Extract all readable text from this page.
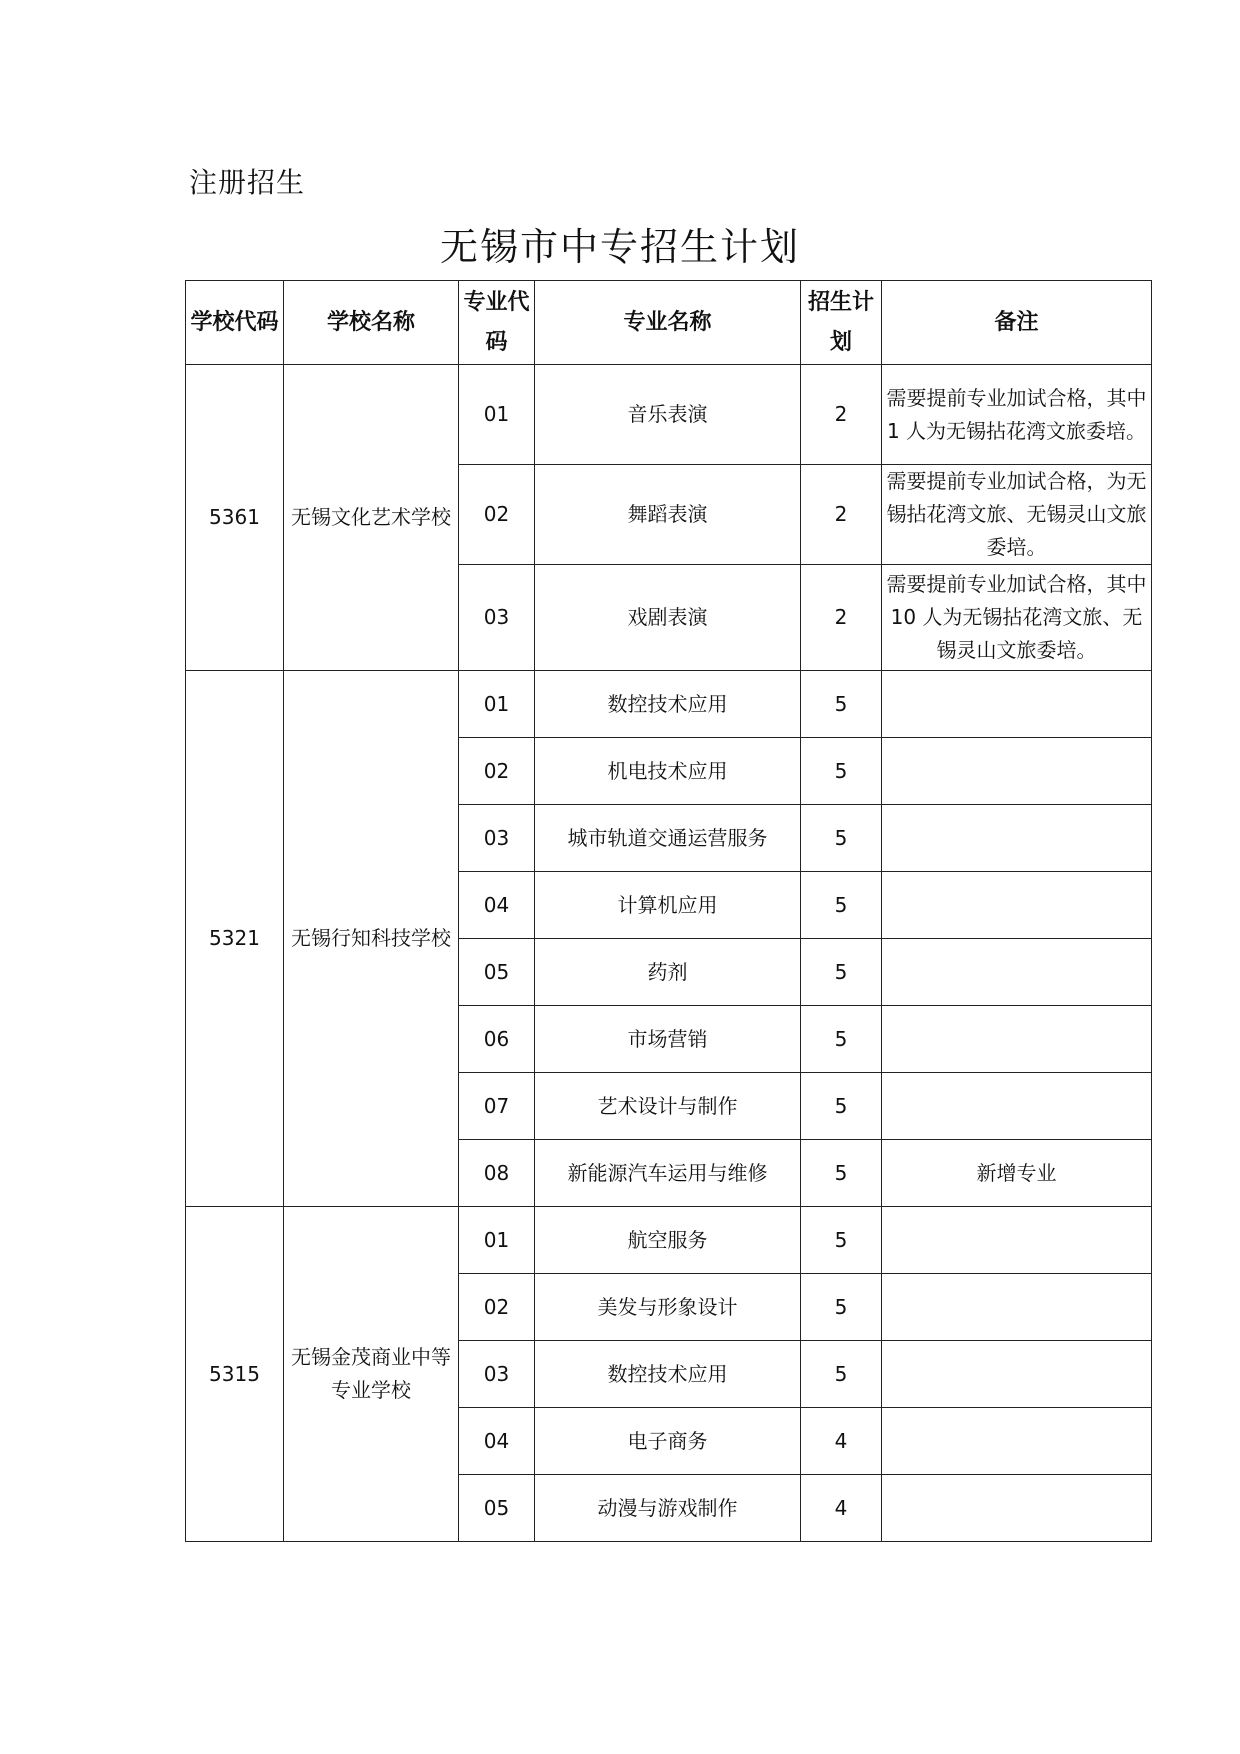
注册招生
无锡市中专招生计划
学校代码	学校名称	专业代码	专业名称	招生计划	备注
5361	无锡文化艺术学校	01	音乐表演	2	需要提前专业加试合格，其中 1 人为无锡拈花湾文旅委培。
		02	舞蹈表演	2	需要提前专业加试合格，为无锡拈花湾文旅、无锡灵山文旅委培。
		03	戏剧表演	2	需要提前专业加试合格，其中 10 人为无锡拈花湾文旅、无锡灵山文旅委培。
5321	无锡行知科技学校	01	数控技术应用	5	
		02	机电技术应用	5	
		03	城市轨道交通运营服务	5	
		04	计算机应用	5	
		05	药剂	5	
		06	市场营销	5	
		07	艺术设计与制作	5	
		08	新能源汽车运用与维修	5	新增专业
5315	无锡金茂商业中等专业学校	01	航空服务	5	
		02	美发与形象设计	5	
		03	数控技术应用	5	
		04	电子商务	4	
		05	动漫与游戏制作	4	
